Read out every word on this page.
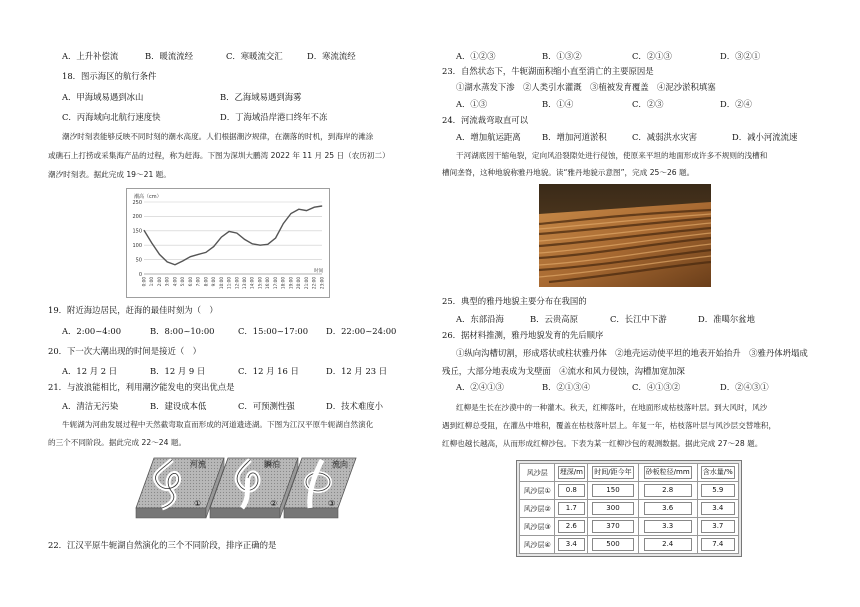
A．上升补偿流	B．暖流流经	C．寒暖流交汇	D．寒流流经
18．图示海区的航行条件
A．甲海域易遇到冰山	B．乙海域易遇到海雾
C．丙海域向北航行速度快	D．丁海域沿岸港口终年不冻
潮汐时刻表能够反映不同时刻的潮水高度。人们根据潮汐规律，在潮落的时机，到海岸的滩涂
或礁石上打捞或采集海产品的过程，称为赶海。下图为深圳大鹏湾 2022 年 11 月 25 日（农历初二）
潮汐时刻表。据此完成 19～21 题。
潮高（cm）
0
50
100
150
200
250
0:00 1:00 2:00 3:00 4:00 5:00 6:00 7:00 8:00 9:00 10:00 11:00 12:00 13:00 14:00 15:00 16:00 17:00 18:00 19:00 20:00 21:00 22:00 23:00
时间
19．附近海边居民，赶海的最佳时刻为（　）
A．2:00~4:00	B．8:00~10:00	C．15:00~17:00 D．22:00~24:00
20．下一次大潮出现的时间是接近（　）
A．12 月 2 日	B．12 月 9 日	C．12 月 16 日	D．12 月 23 日
21．与波浪能相比，利用潮汐能发电的突出优点是
A．清洁无污染	B．建设成本低	C．可预测性强	D．技术难度小
牛轭湖为河曲发展过程中天然截弯取直而形成的河道遗迹湖。下图为江汉平原牛轭湖自然演化
的三个不同阶段。据此完成 22～24 题。
河流	瞬泊	流向
①	②	③
22．江汉平原牛轭湖自然演化的三个不同阶段，排序正确的是
A．①②③	B．①③②	C．②①③	D．③②①
23．自然状态下，牛轭湖面积缩小直至消亡的主要原因是
①湖水蒸发下渗　②人类引水灌溉　③植被发育覆盖　④泥沙淤积填塞
A．①③	B．①④	C．②③	D．②④
24．河流裁弯取直可以
A．增加航运距离	B．增加河道淤积	C．减弱洪水灾害	D．减小河流流速
干河湖底因干缩龟裂，定向风沿裂隙处进行侵蚀，使原来平坦的地面形成许多不规则的浅槽和
槽间垄脊，这种地貌称雅丹地貌。读“雅丹地貌示意图”，完成 25～26 题。
25．典型的雅丹地貌主要分布在我国的
A．东部沿海	B．云贵高原	C．长江中下游	D．准噶尔盆地
26．据材料推测，雅丹地貌发育的先后顺序
①纵向沟槽切割，形成塔状或柱状雅丹体　②地壳运动使平坦的地表开始抬升　③雅丹体坍塌成
残丘，大部分地表成为戈壁面　④流水和风力侵蚀，沟槽加宽加深
A．②④①③	B．②①③④	C．④①③②	D．②④③①
红柳是生长在沙漠中的一种灌木。秋天，红柳落叶，在地面形成枯枝落叶层。到大风时，风沙
遇到红柳总受阻，在灌丛中堆积，覆盖在枯枝落叶层上。年复一年，枯枝落叶层与风沙层交替堆积，
红柳也越长越高，从而形成红柳沙包。下表为某一红柳沙包的观测数据。据此完成 27～28 题。
风沙层	埋深/m	时间/距今年	砂板粒径/mm	含水量/%
风沙层①	0.8	150	2.8	5.9
风沙层②	1.7	300	3.6	3.4
风沙层③	2.6	370	3.3	3.7
风沙层④	3.4	500	2.4	7.4
